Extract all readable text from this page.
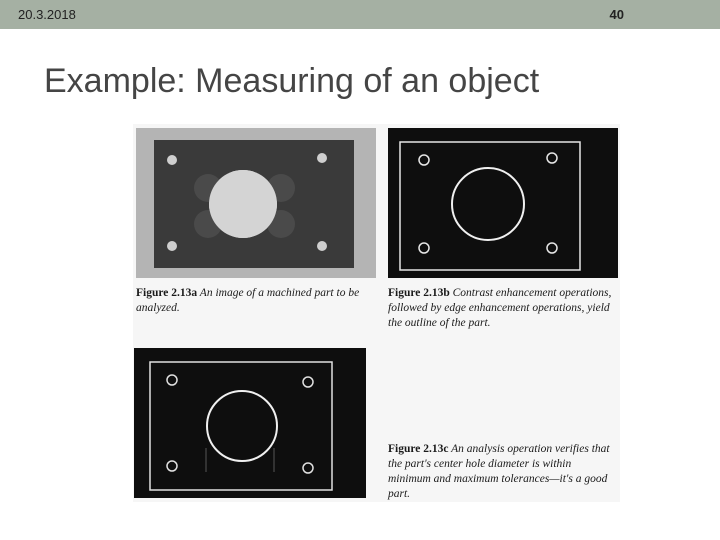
20.3.2018	40
Example: Measuring of an object
Figure 2.13a An image of a machined part to be analyzed.
Figure 2.13b Contrast enhancement operations, followed by edge enhancement operations, yield the outline of the part.
Figure 2.13c An analysis operation verifies that the part's center hole diameter is within minimum and maximum tolerances—it's a good part.
